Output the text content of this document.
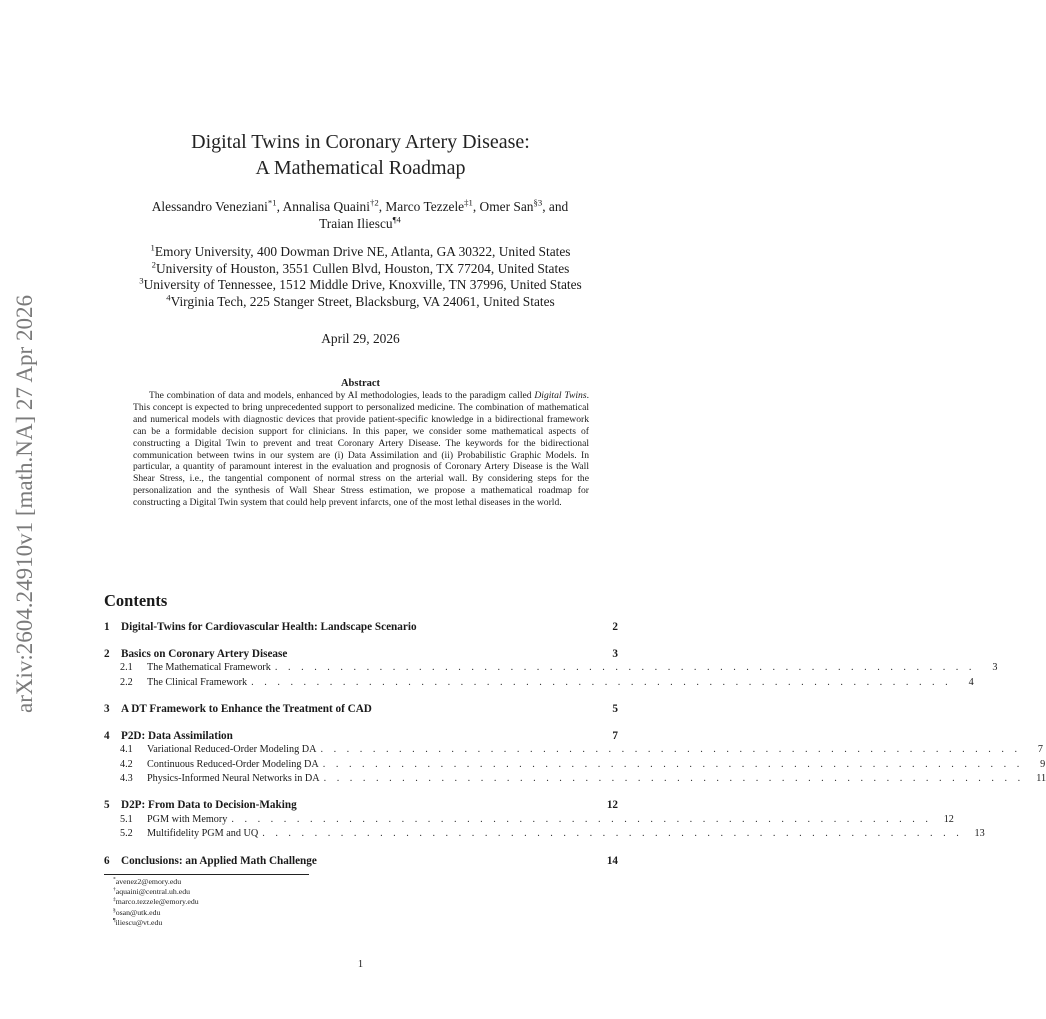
arXiv:2604.24910v1 [math.NA] 27 Apr 2026
Digital Twins in Coronary Artery Disease:
A Mathematical Roadmap
Alessandro Veneziani$^{*1}$, Annalisa Quaini$^{\dagger 2}$, Marco Tezzele$^{\ddagger 1}$, Omer San$^{\S 3}$, and
Traian Iliescu$^{\P 4}$
$^1$Emory University, 400 Dowman Drive NE, Atlanta, GA 30322, United States
$^2$University of Houston, 3551 Cullen Blvd, Houston, TX 77204, United States
$^3$University of Tennessee, 1512 Middle Drive, Knoxville, TN 37996, United States
$^4$Virginia Tech, 225 Stanger Street, Blacksburg, VA 24061, United States
April 29, 2026
Abstract

The combination of data and models, enhanced by AI methodologies, leads to the paradigm called Digital Twins. This concept is expected to bring unprecedented support to personalized medicine. The combination of mathematical and numerical models with diagnostic devices that provide patient-specific knowledge in a bidirectional framework can be a formidable decision support for clinicians. In this paper, we consider some mathematical aspects of constructing a Digital Twin to prevent and treat Coronary Artery Disease. The keywords for the bidirectional communication between twins in our system are (i) Data Assimilation and (ii) Probabilistic Graphic Models. In particular, a quantity of paramount interest in the evaluation and prognosis of Coronary Artery Disease is the Wall Shear Stress, i.e., the tangential component of normal stress on the arterial wall. By considering steps for the personalization and the synthesis of Wall Shear Stress estimation, we propose a mathematical roadmap for constructing a Digital Twin system that could help prevent infarcts, one of the most lethal diseases in the world.

Contents
1	Digital-Twins for Cardiovascular Health: Landscape Scenario	2
2	Basics on Coronary Artery Disease	3
2.1	The Mathematical Framework . . . . . . . . . . . . . . . . . . . . . . . . . . . . . . . . . . . . . . . . . . . . . . . . . . . . . .	3
2.2	The Clinical Framework . . . . . . . . . . . . . . . . . . . . . . . . . . . . . . . . . . . . . . . . . . . . . . . . . . . . . .	4
3	A DT Framework to Enhance the Treatment of CAD	5
4	P2D: Data Assimilation	7
4.1	Variational Reduced-Order Modeling DA . . . . . . . . . . . . . . . . . . . . . . . . . . . . . . . . . . . . . . . . . . . . . . . . . . . . . .	7
4.2	Continuous Reduced-Order Modeling DA . . . . . . . . . . . . . . . . . . . . . . . . . . . . . . . . . . . . . . . . . . . . . . . . . . . . . .	9
4.3	Physics-Informed Neural Networks in DA . . . . . . . . . . . . . . . . . . . . . . . . . . . . . . . . . . . . . . . . . . . . . . . . . . . . . .	11
5	D2P: From Data to Decision-Making	12
5.1	PGM with Memory . . . . . . . . . . . . . . . . . . . . . . . . . . . . . . . . . . . . . . . . . . . . . . . . . . . . . .	12
5.2	Multifidelity PGM and UQ . . . . . . . . . . . . . . . . . . . . . . . . . . . . . . . . . . . . . . . . . . . . . . . . . . . . . .	13
6	Conclusions: an Applied Math Challenge	14
*avenez2@emory.edu
†aquaini@central.uh.edu
‡marco.tezzele@emory.edu
§osan@utk.edu
¶iliescu@vt.edu
1
